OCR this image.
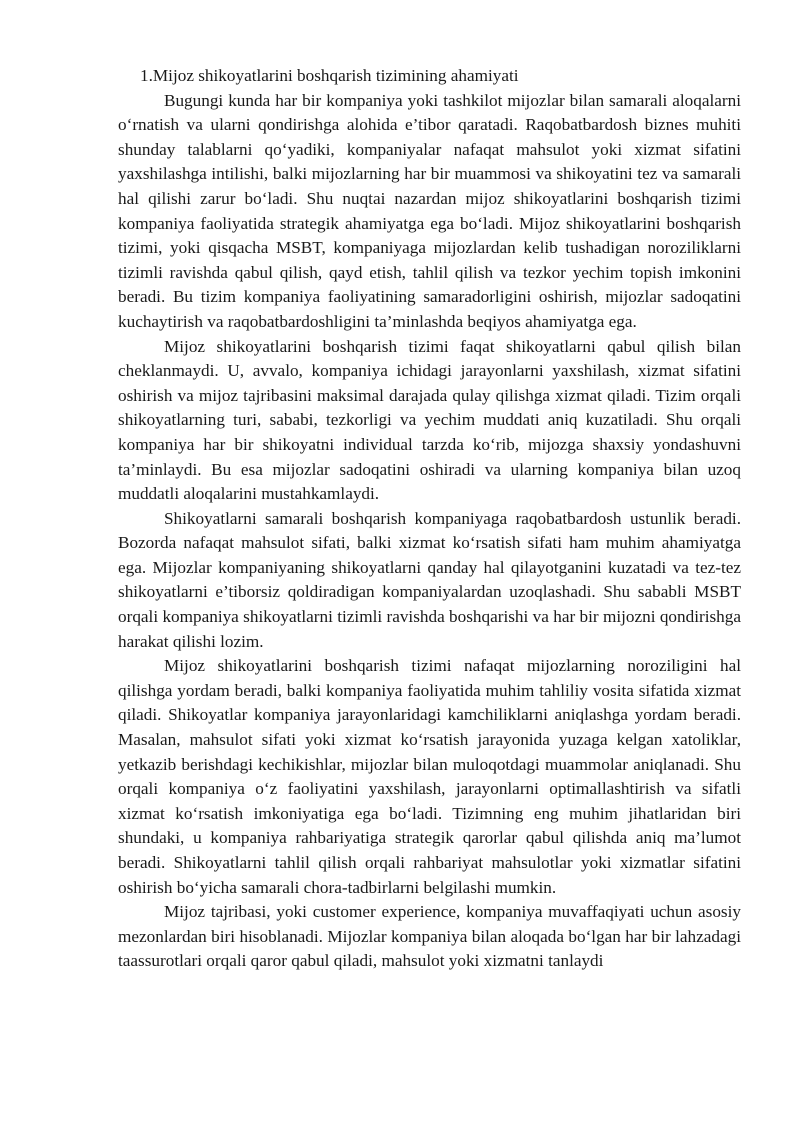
1.Mijoz shikoyatlarini boshqarish tizimining ahamiyati

Bugungi kunda har bir kompaniya yoki tashkilot mijozlar bilan samarali aloqalarni o‘rnatish va ularni qondirishga alohida e’tibor qaratadi. Raqobatbardosh biznes muhiti shunday talablarni qo‘yadiki, kompaniyalar nafaqat mahsulot yoki xizmat sifatini yaxshilashga intilishi, balki mijozlarning har bir muammosi va shikoyatini tez va samarali hal qilishi zarur bo‘ladi. Shu nuqtai nazardan mijoz shikoyatlarini boshqarish tizimi kompaniya faoliyatida strategik ahamiyatga ega bo‘ladi. Mijoz shikoyatlarini boshqarish tizimi, yoki qisqacha MSBT, kompaniyaga mijozlardan kelib tushadigan noroziliklarni tizimli ravishda qabul qilish, qayd etish, tahlil qilish va tezkor yechim topish imkonini beradi. Bu tizim kompaniya faoliyatining samaradorligini oshirish, mijozlar sadoqatini kuchaytirish va raqobatbardoshligini ta’minlashda beqiyos ahamiyatga ega.

Mijoz shikoyatlarini boshqarish tizimi faqat shikoyatlarni qabul qilish bilan cheklanmaydi. U, avvalo, kompaniya ichidagi jarayonlarni yaxshilash, xizmat sifatini oshirish va mijoz tajribasini maksimal darajada qulay qilishga xizmat qiladi. Tizim orqali shikoyatlarning turi, sababi, tezkorligi va yechim muddati aniq kuzatiladi. Shu orqali kompaniya har bir shikoyatni individual tarzda ko‘rib, mijozga shaxsiy yondashuvni ta’minlaydi. Bu esa mijozlar sadoqatini oshiradi va ularning kompaniya bilan uzoq muddatli aloqalarini mustahkamlaydi.

Shikoyatlarni samarali boshqarish kompaniyaga raqobatbardosh ustunlik beradi. Bozorda nafaqat mahsulot sifati, balki xizmat ko‘rsatish sifati ham muhim ahamiyatga ega. Mijozlar kompaniyaning shikoyatlarni qanday hal qilayotganini kuzatadi va tez-tez shikoyatlarni e’tiborsiz qoldiradigan kompaniyalardan uzoqlashadi. Shu sababli MSBT orqali kompaniya shikoyatlarni tizimli ravishda boshqarishi va har bir mijozni qondirishga harakat qilishi lozim.

Mijoz shikoyatlarini boshqarish tizimi nafaqat mijozlarning noroziligini hal qilishga yordam beradi, balki kompaniya faoliyatida muhim tahliliy vosita sifatida xizmat qiladi. Shikoyatlar kompaniya jarayonlaridagi kamchiliklarni aniqlashga yordam beradi. Masalan, mahsulot sifati yoki xizmat ko‘rsatish jarayonida yuzaga kelgan xatoliklar, yetkazib berishdagi kechikishlar, mijozlar bilan muloqotdagi muammolar aniqlanadi. Shu orqali kompaniya o‘z faoliyatini yaxshilash, jarayonlarni optimallashtirish va sifatli xizmat ko‘rsatish imkoniyatiga ega bo‘ladi. Tizimning eng muhim jihatlaridan biri shundaki, u kompaniya rahbariyatiga strategik qarorlar qabul qilishda aniq ma’lumot beradi. Shikoyatlarni tahlil qilish orqali rahbariyat mahsulotlar yoki xizmatlar sifatini oshirish bo‘yicha samarali chora-tadbirlarni belgilashi mumkin.

Mijoz tajribasi, yoki customer experience, kompaniya muvaffaqiyati uchun asosiy mezonlardan biri hisoblanadi. Mijozlar kompaniya bilan aloqada bo‘lgan har bir lahzadagi taassurotlari orqali qaror qabul qiladi, mahsulot yoki xizmatni tanlaydi
